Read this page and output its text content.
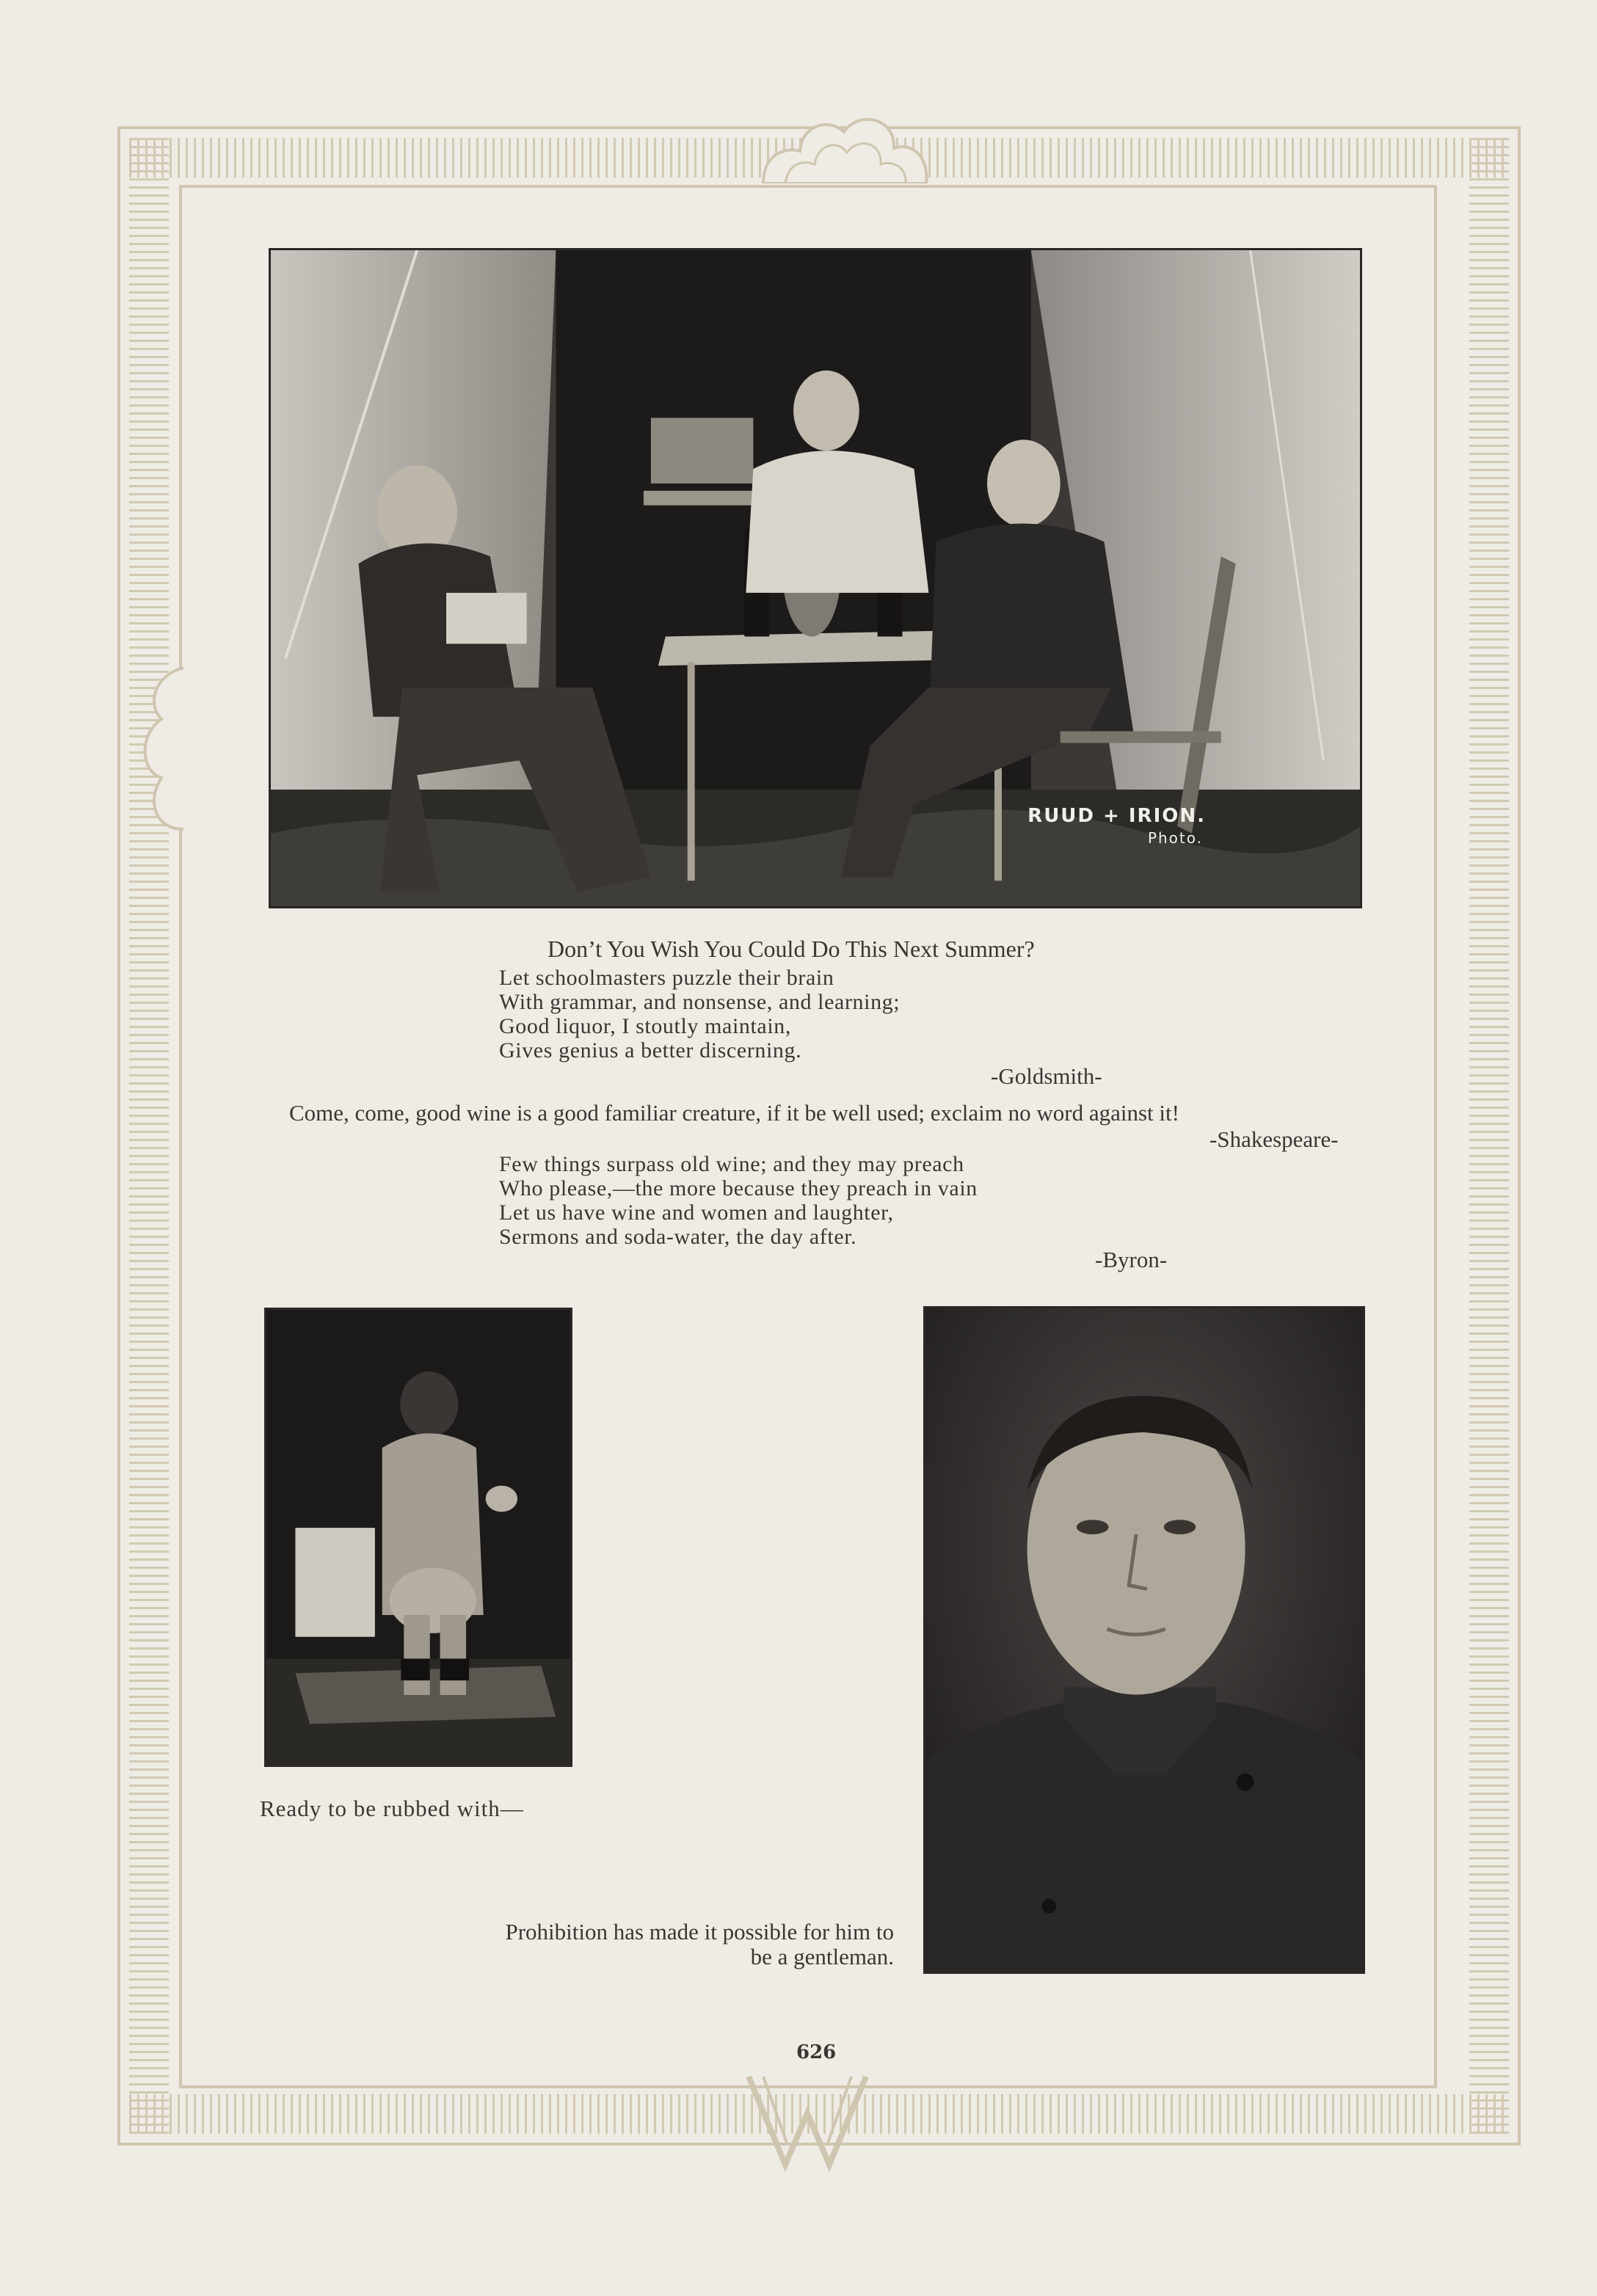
RUUD + IRION.
Photo.
Don’t You Wish You Could Do This Next Summer?
Let schoolmasters puzzle their brain
With grammar, and nonsense, and learning;
Good liquor, I stoutly maintain,
Gives genius a better discerning.
-Goldsmith-
Come, come, good wine is a good familiar creature, if it be well used; exclaim no word against it!
-Shakespeare-
Few things surpass old wine; and they may preach
Who please,—the more because they preach in vain
Let us have wine and women and laughter,
Sermons and soda-water, the day after.
-Byron-
Ready to be rubbed with—
Prohibition has made it possible for him to
be a gentleman.
626
